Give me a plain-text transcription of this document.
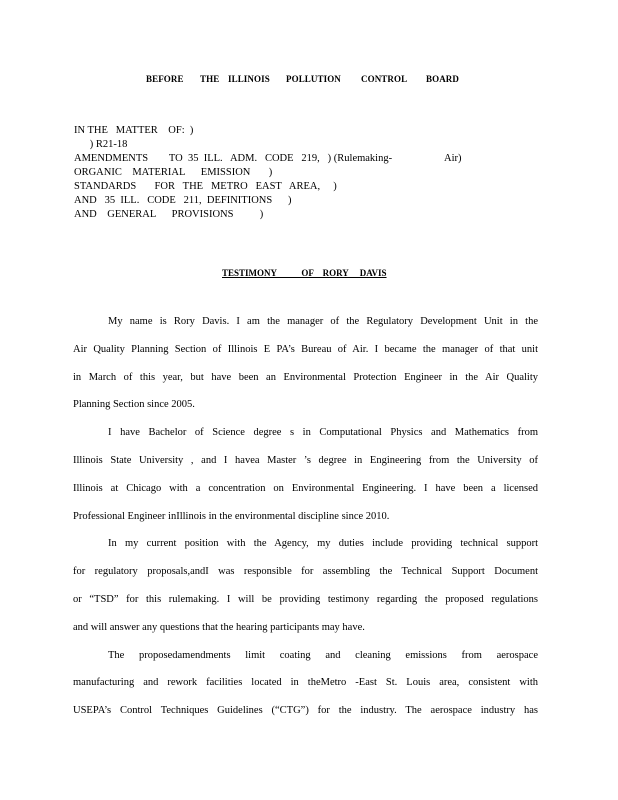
BEFORE THE ILLINOIS POLLUTION CONTROL BOARD
IN THE   MATTER    OF:  )
) R21-18
AMENDMENTS        TO  35  ILL.   ADM.   CODE   219,   ) (Rulemaking-                    Air)
ORGANIC    MATERIAL      EMISSION       )
STANDARDS       FOR   THE   METRO   EAST   AREA,     )
AND   35  ILL.   CODE   211,  DEFINITIONS      )
AND    GENERAL      PROVISIONS          )
TESTIMONY           OF    RORY     DAVIS
My name is Rory Davis. I am the manager of the Regulatory Development Unit in the
Air Quality Planning Section of Illinois E PA’s Bureau of Air. I became the manager of that unit
in March of this year, but have been an Environmental Protection Engineer in the Air Quality
Planning Section since 2005.
I have Bachelor of Science degree s in Computational Physics and Mathematics from
Illinois State University , and I havea Master ’s degree in Engineering from the University of
Illinois at Chicago with a concentration on Environmental Engineering. I have been a licensed
Professional Engineer inIllinois in the environmental discipline since 2010.
In my current position with the Agency, my duties include providing technical support
for regulatory proposals,andI was responsible for assembling the Technical Support Document
or “TSD” for this rulemaking. I will be providing testimony regarding the proposed regulations
and will answer any questions that the hearing participants may have.
The proposedamendments limit coating and cleaning emissions from aerospace
manufacturing and rework facilities located in theMetro -East St. Louis area, consistent with
USEPA’s Control Techniques Guidelines (“CTG”) for the industry. The aerospace industry has
